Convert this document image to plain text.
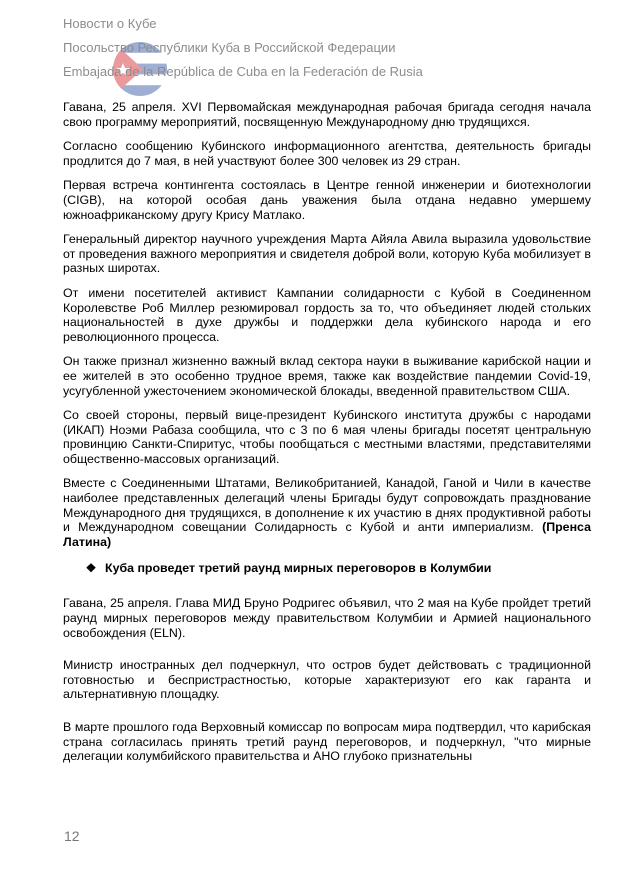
Новости о Кубе
Посольство Республики Куба в Российской Федерации
Embajada de la República de Cuba en la Federación de Rusia

Гавана, 25 апреля. XVI Первомайская международная рабочая бригада сегодня начала свою программу мероприятий, посвященную Международному дню трудящихся.

Согласно сообщению Кубинского информационного агентства, деятельность бригады продлится до 7 мая, в ней участвуют более 300 человек из 29 стран.

Первая встреча контингента состоялась в Центре генной инженерии и биотехнологии (CIGB), на которой особая дань уважения была отдана недавно умершему южноафриканскому другу Крису Матлако.

Генеральный директор научного учреждения Марта Айяла Авила выразила удовольствие от проведения важного мероприятия и свидетеля доброй воли, которую Куба мобилизует в разных широтах.

От имени посетителей активист Кампании солидарности с Кубой в Соединенном Королевстве Роб Миллер резюмировал гордость за то, что объединяет людей стольких национальностей в духе дружбы и поддержки дела кубинского народа и его революционного процесса.

Он также признал жизненно важный вклад сектора науки в выживание карибской нации и ее жителей в это особенно трудное время, также как воздействие пандемии Covid-19, усугубленной ужесточением экономической блокады, введенной правительством США.

Со своей стороны, первый вице-президент Кубинского института дружбы с народами (ИКАП) Ноэми Рабаза сообщила, что с 3 по 6 мая члены бригады посетят центральную провинцию Санкти-Спиритус, чтобы пообщаться с местными властями, представителями общественно-массовых организаций.

Вместе с Соединенными Штатами, Великобританией, Канадой, Ганой и Чили в качестве наиболее представленных делегаций члены Бригады будут сопровождать празднование Международного дня трудящихся, в дополнение к их участию в днях продуктивной работы и Международном совещании Солидарность с Кубой и анти империализм. (Пренса Латина)

❖ Куба проведет третий раунд мирных переговоров в Колумбии

Гавана, 25 апреля. Глава МИД Бруно Родригес объявил, что 2 мая на Кубе пройдет третий раунд мирных переговоров между правительством Колумбии и Армией национального освобождения (ELN).

Министр иностранных дел подчеркнул, что остров будет действовать с традиционной готовностью и беспристрастностью, которые характеризуют его как гаранта и альтернативную площадку.

В марте прошлого года Верховный комиссар по вопросам мира подтвердил, что карибская страна согласилась принять третий раунд переговоров, и подчеркнул, "что мирные делегации колумбийского правительства и АНО глубоко признательны

12
